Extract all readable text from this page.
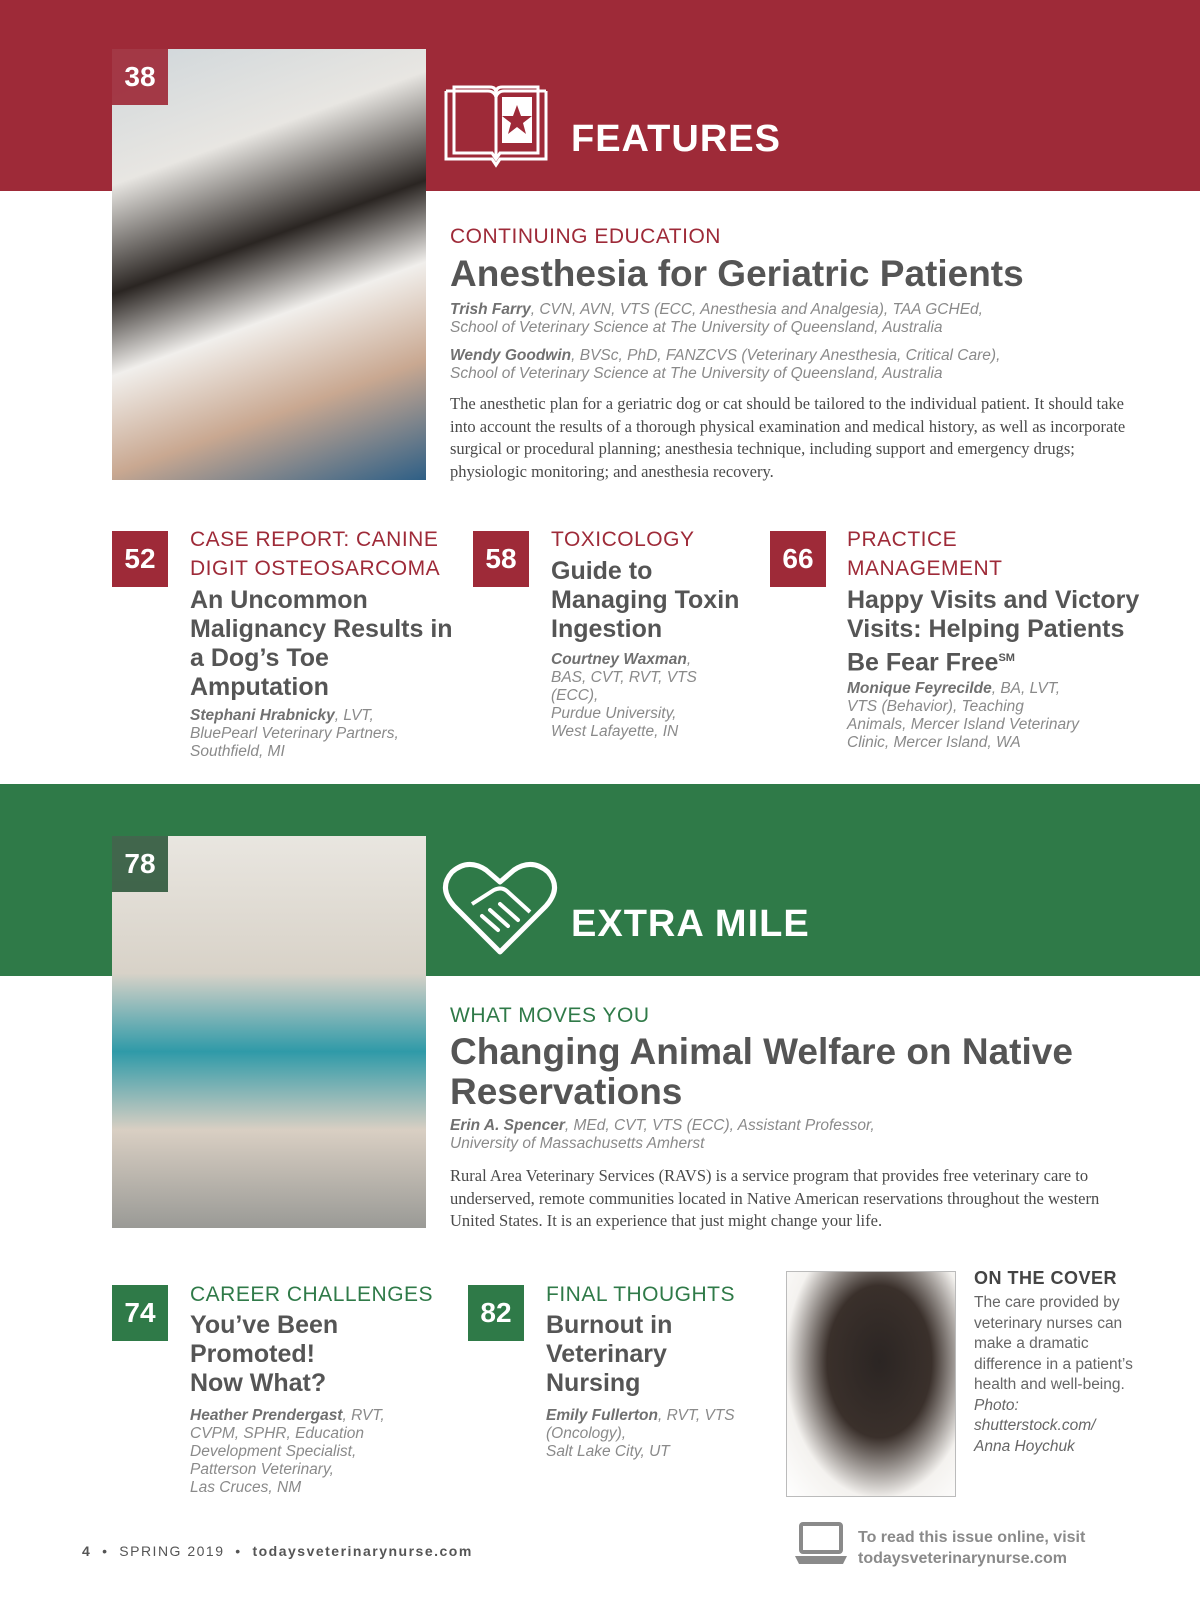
38
FEATURES
CONTINUING EDUCATION
Anesthesia for Geriatric Patients
Trish Farry, CVN, AVN, VTS (ECC, Anesthesia and Analgesia), TAA GCHEd,
School of Veterinary Science at The University of Queensland, Australia
Wendy Goodwin, BVSc, PhD, FANZCVS (Veterinary Anesthesia, Critical Care),
School of Veterinary Science at The University of Queensland, Australia
The anesthetic plan for a geriatric dog or cat should be tailored to the individual patient. It should take into account the results of a thorough physical examination and medical history, as well as incorporate surgical or procedural planning; anesthesia technique, including support and emergency drugs; physiologic monitoring; and anesthesia recovery.
52
CASE REPORT: CANINE DIGIT OSTEOSARCOMA
An Uncommon Malignancy Results in a Dog’s Toe Amputation
Stephani Hrabnicky, LVT,
BluePearl Veterinary Partners,
Southfield, MI
58
TOXICOLOGY
Guide to Managing Toxin Ingestion
Courtney Waxman,
BAS, CVT, RVT, VTS
(ECC),
Purdue University,
West Lafayette, IN
66
PRACTICE MANAGEMENT
Happy Visits and Victory Visits: Helping Patients Be Fear Free℠
Monique Feyrecilde, BA, LVT,
VTS (Behavior), Teaching
Animals, Mercer Island Veterinary
Clinic, Mercer Island, WA
78
EXTRA MILE
WHAT MOVES YOU
Changing Animal Welfare on Native Reservations
Erin A. Spencer, MEd, CVT, VTS (ECC), Assistant Professor,
University of Massachusetts Amherst
Rural Area Veterinary Services (RAVS) is a service program that provides free veterinary care to underserved, remote communities located in Native American reservations throughout the western United States. It is an experience that just might change your life.
74
CAREER CHALLENGES
You’ve Been
Promoted!
Now What?
Heather Prendergast, RVT,
CVPM, SPHR, Education
Development Specialist,
Patterson Veterinary,
Las Cruces, NM
82
FINAL THOUGHTS
Burnout in
Veterinary
Nursing
Emily Fullerton, RVT, VTS
(Oncology),
Salt Lake City, UT
ON THE COVER
The care provided by veterinary nurses can make a dramatic difference in a patient’s health and well-being. Photo: shutterstock.com/ Anna Hoychuk
4  •  SPRING 2019  •  todaysveterinarynurse.com
To read this issue online, visit
todaysveterinarynurse.com
